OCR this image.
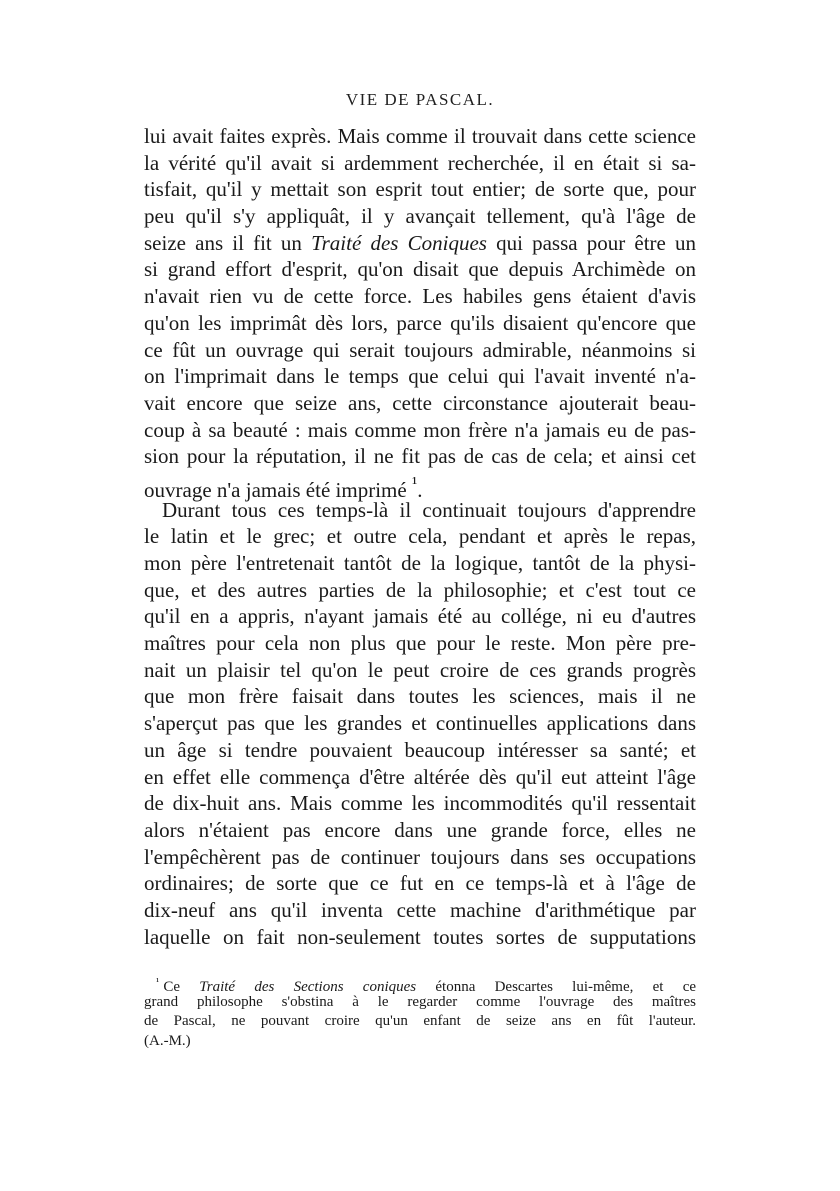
VIE DE PASCAL.
lui avait faites exprès. Mais comme il trouvait dans cette science
la vérité qu'il avait si ardemment recherchée, il en était si sa-
tisfait, qu'il y mettait son esprit tout entier; de sorte que, pour
peu qu'il s'y appliquât, il y avançait tellement, qu'à l'âge de
seize ans il fit un Traité des Coniques qui passa pour être un
si grand effort d'esprit, qu'on disait que depuis Archimède on
n'avait rien vu de cette force. Les habiles gens étaient d'avis
qu'on les imprimât dès lors, parce qu'ils disaient qu'encore que
ce fût un ouvrage qui serait toujours admirable, néanmoins si
on l'imprimait dans le temps que celui qui l'avait inventé n'a-
vait encore que seize ans, cette circonstance ajouterait beau-
coup à sa beauté : mais comme mon frère n'a jamais eu de pas-
sion pour la réputation, il ne fit pas de cas de cela; et ainsi cet
ouvrage n'a jamais été imprimé $^{^1}$.
Durant tous ces temps-là il continuait toujours d'apprendre
le latin et le grec; et outre cela, pendant et après le repas,
mon père l'entretenait tantôt de la logique, tantôt de la physi-
que, et des autres parties de la philosophie; et c'est tout ce
qu'il en a appris, n'ayant jamais été au collége, ni eu d'autres
maîtres pour cela non plus que pour le reste. Mon père pre-
nait un plaisir tel qu'on le peut croire de ces grands progrès
que mon frère faisait dans toutes les sciences, mais il ne
s'aperçut pas que les grandes et continuelles applications dans
un âge si tendre pouvaient beaucoup intéresser sa santé; et
en effet elle commença d'être altérée dès qu'il eut atteint l'âge
de dix-huit ans. Mais comme les incommodités qu'il ressentait
alors n'étaient pas encore dans une grande force, elles ne
l'empêchèrent pas de continuer toujours dans ses occupations
ordinaires; de sorte que ce fut en ce temps-là et à l'âge de
dix-neuf ans qu'il inventa cette machine d'arithmétique par
laquelle on fait non-seulement toutes sortes de supputations
$^{^1}$ Ce Traité des Sections coniques étonna Descartes lui-même, et ce
grand philosophe s'obstina à le regarder comme l'ouvrage des maîtres
de Pascal, ne pouvant croire qu'un enfant de seize ans en fût l'auteur.
(A.-M.)
